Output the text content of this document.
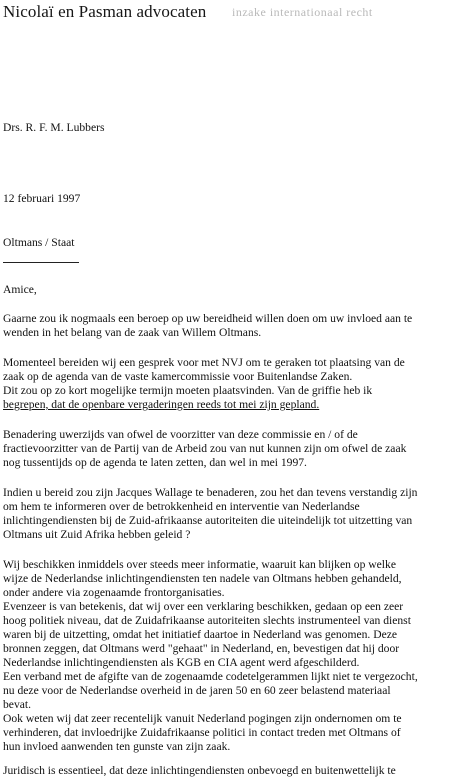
Nicolaï en Pasman advocaten inzake internationaal recht
Drs. R. F. M. Lubbers
12 februari 1997
Oltmans / Staat
Amice,
Gaarne zou ik nogmaals een beroep op uw bereidheid willen doen om uw invloed aan te
wenden in het belang van de zaak van Willem Oltmans.
Momenteel bereiden wij een gesprek voor met NVJ om te geraken tot plaatsing van de
zaak op de agenda van de vaste kamercommissie voor Buitenlandse Zaken.
Dit zou op zo kort mogelijke termijn moeten plaatsvinden. Van de griffie heb ik
begrepen, dat de openbare vergaderingen reeds tot mei zijn gepland.
Benadering uwerzijds van ofwel de voorzitter van deze commissie en / of de
fractievoorzitter van de Partij van de Arbeid zou van nut kunnen zijn om ofwel de zaak
nog tussentijds op de agenda te laten zetten, dan wel in mei 1997.
Indien u bereid zou zijn Jacques Wallage te benaderen, zou het dan tevens verstandig zijn
om hem te informeren over de betrokkenheid en interventie van Nederlandse
inlichtingendiensten bij de Zuid-afrikaanse autoriteiten die uiteindelijk tot uitzetting van
Oltmans uit Zuid Afrika hebben geleid ?
Wij beschikken inmiddels over steeds meer informatie, waaruit kan blijken op welke
wijze de Nederlandse inlichtingendiensten ten nadele van Oltmans hebben gehandeld,
onder andere via zogenaamde frontorganisaties.
Evenzeer is van betekenis, dat wij over een verklaring beschikken, gedaan op een zeer
hoog politiek niveau, dat de Zuidafrikaanse autoriteiten slechts instrumenteel van dienst
waren bij de uitzetting, omdat het initiatief daartoe in Nederland was genomen. Deze
bronnen zeggen, dat Oltmans werd "gehaat" in Nederland, en, bevestigen dat hij door
Nederlandse inlichtingendiensten als KGB en CIA agent werd afgeschilderd.
Een verband met de afgifte van de zogenaamde codetelgerammen lijkt niet te vergezocht,
nu deze voor de Nederlandse overheid in de jaren 50 en 60 zeer belastend materiaal
bevat.
Ook weten wij dat zeer recentelijk vanuit Nederland pogingen zijn ondernomen om te
verhinderen, dat invloedrijke Zuidafrikaanse politici in contact treden met Oltmans of
hun invloed aanwenden ten gunste van zijn zaak.
Juridisch is essentieel, dat deze inlichtingendiensten onbevoegd en buitenwettelijk te
